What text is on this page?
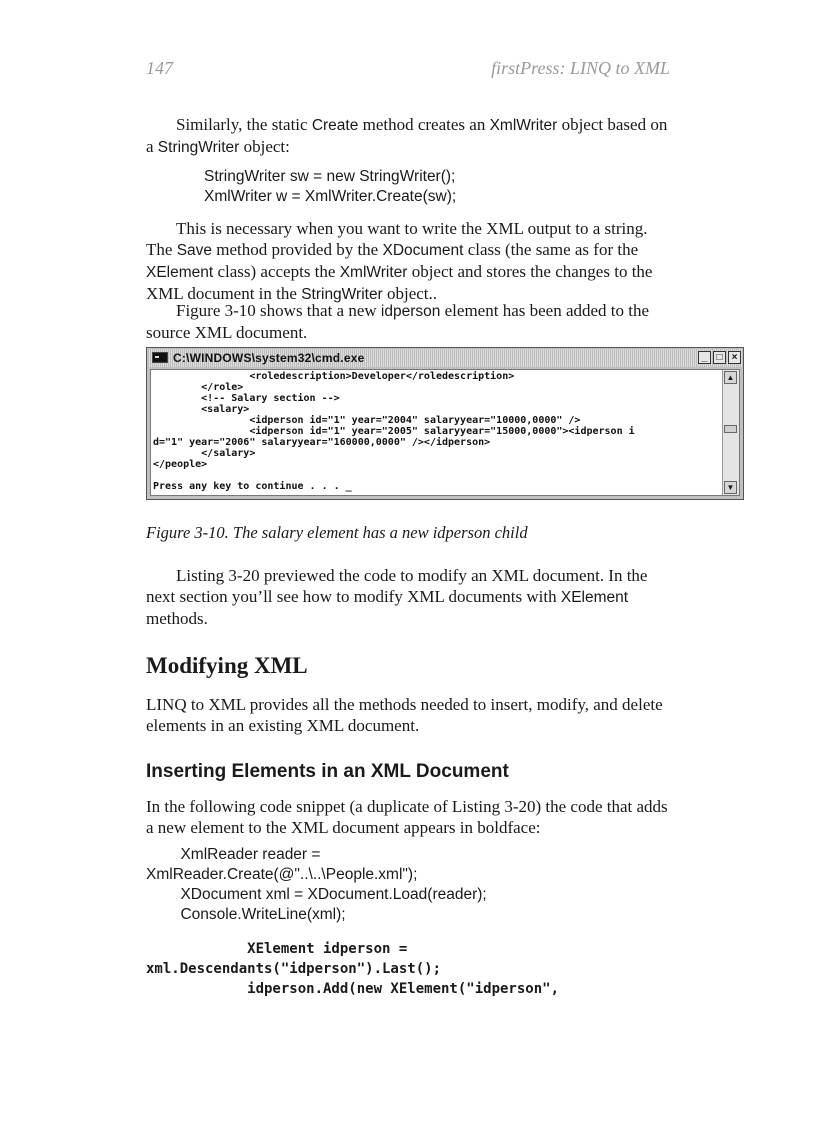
147	firstPress: LINQ to XML

Similarly, the static Create method creates an XmlWriter object based on a StringWriter object:

StringWriter sw = new StringWriter();
XmlWriter w = XmlWriter.Create(sw);

This is necessary when you want to write the XML output to a string. The Save method provided by the XDocument class (the same as for the XElement class) accepts the XmlWriter object and stores the changes to the XML document in the StringWriter object..

Figure 3-10 shows that a new idperson element has been added to the source XML document.

C:\WINDOWS\system32\cmd.exe	_ □ ×
<roledescription>Developer</roledescription>
</role>
<!-- Salary section -->
<salary>
<idperson id="1" year="2004" salaryyear="10000,0000" />
<idperson id="1" year="2005" salaryyear="15000,0000"><idperson i
d="1" year="2006" salaryyear="160000,0000" /></idperson>
</salary>
</people>

Press any key to continue . . . _
▲
▼
Figure 3-10. The salary element has a new idperson child

Listing 3-20 previewed the code to modify an XML document. In the next section you’ll see how to modify XML documents with XElement methods.

Modifying XML

LINQ to XML provides all the methods needed to insert, modify, and delete elements in an existing XML document.

Inserting Elements in an XML Document

In the following code snippet (a duplicate of Listing 3-20) the code that adds a new element to the XML document appears in boldface:

XmlReader reader =
XmlReader.Create(@"..\..\People.xml");
XDocument xml = XDocument.Load(reader);
Console.WriteLine(xml);
XElement idperson =
xml.Descendants("idperson").Last();
idperson.Add(new XElement("idperson",
